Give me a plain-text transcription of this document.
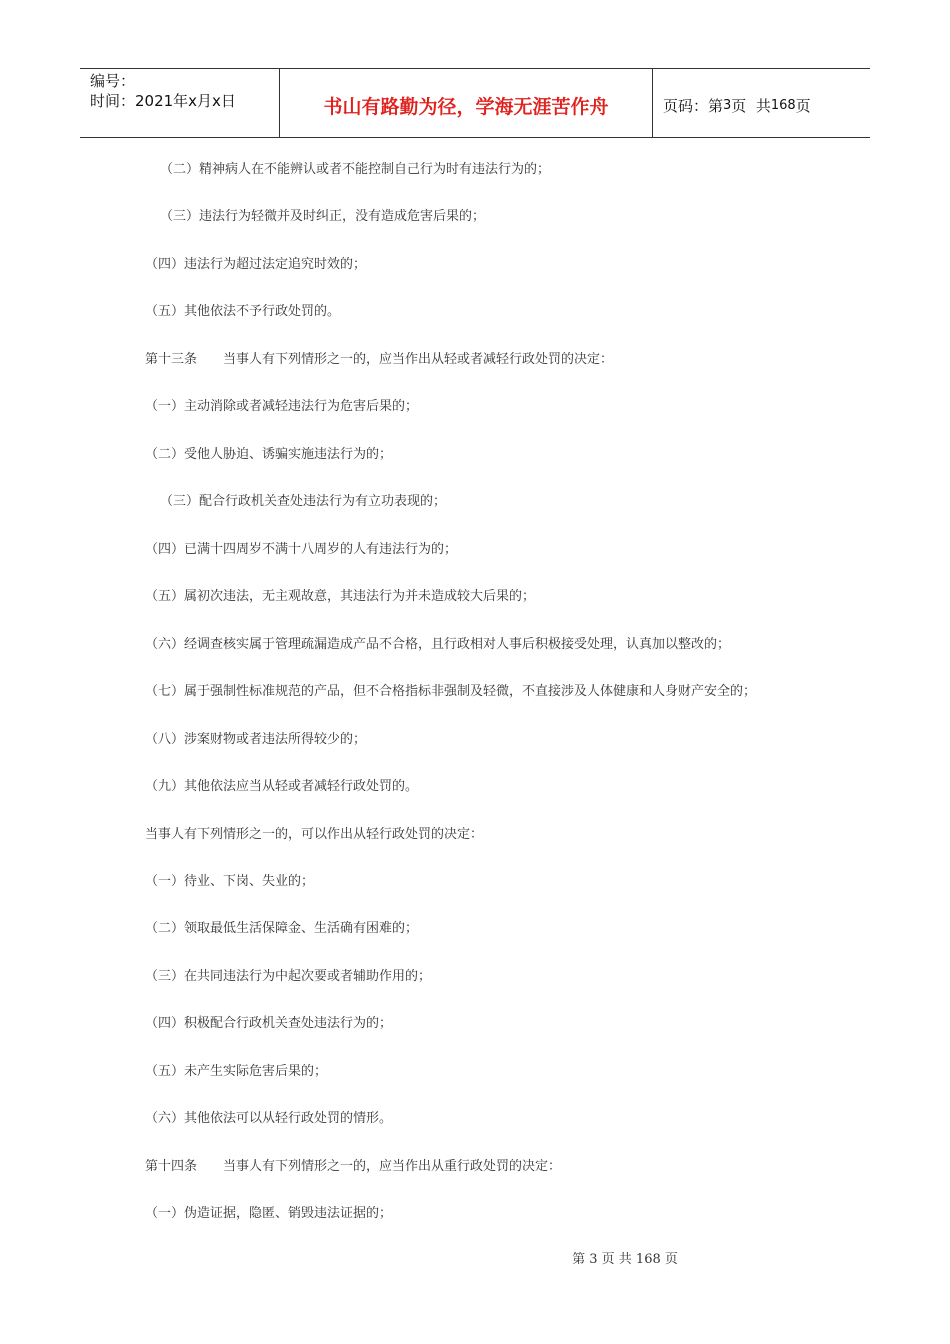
编号：
时间：2021年x月x日	书山有路勤为径，学海无涯苦作舟	页码：第 3 页  共 168 页
（二）精神病人在不能辨认或者不能控制自己行为时有违法行为的；
（三）违法行为轻微并及时纠正，没有造成危害后果的；
（四）违法行为超过法定追究时效的；
（五）其他依法不予行政处罚的。
第十三条　　当事人有下列情形之一的，应当作出从轻或者减轻行政处罚的决定：
（一）主动消除或者减轻违法行为危害后果的；
（二）受他人胁迫、诱骗实施违法行为的；
（三）配合行政机关查处违法行为有立功表现的；
（四）已满十四周岁不满十八周岁的人有违法行为的；
（五）属初次违法，无主观故意，其违法行为并未造成较大后果的；
（六）经调查核实属于管理疏漏造成产品不合格，且行政相对人事后积极接受处理，认真加以整改的；
（七）属于强制性标准规范的产品，但不合格指标非强制及轻微，不直接涉及人体健康和人身财产安全的；
（八）涉案财物或者违法所得较少的；
（九）其他依法应当从轻或者减轻行政处罚的。
当事人有下列情形之一的，可以作出从轻行政处罚的决定：
（一）待业、下岗、失业的；
（二）领取最低生活保障金、生活确有困难的；
（三）在共同违法行为中起次要或者辅助作用的；
（四）积极配合行政机关查处违法行为的；
（五）未产生实际危害后果的；
（六）其他依法可以从轻行政处罚的情形。
第十四条　　当事人有下列情形之一的，应当作出从重行政处罚的决定：
（一）伪造证据，隐匿、销毁违法证据的；
第 3 页 共 168 页
